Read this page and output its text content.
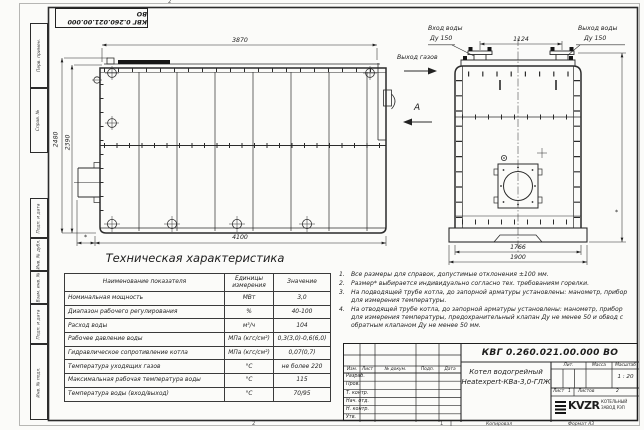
Перв. примен.
Справ. №
Подп. и дата
Инв. № дубл.
Взам. инв. №
Подп. и дата
Инв. № подл.
КВГ 0.260.021.00.000 ВО
2
2	1
3870
2480 2390
4100
*
1124
Вход воды
Ду 150
Выход воды
Ду 150
1766
1900
*
Выход газов
А
Техническая характеристика
Наименование показателя	Единицы измерения	Значение
Номинальная мощность	МВт	3,0
Диапазон рабочего регулирования	%	40-100
Расход воды	м³/ч	104
Рабочее давление воды	МПа (кгс/см²)	0,3(3,0)-0,6(6,0)
Гидравлическое сопротивление котла	МПа (кгс/см²)	0,07(0,7)
Температура уходящих газов	°С	не более 220
Максимальная рабочая температура воды	°С	115
Температура воды (вход/выход)	°С	70/95
Все размеры для справок, допустимые отклонения ±100 мм.
Размер* выбирается индивидуально согласно тех. требованиям горелки.
На подводящей трубе котла, до запорной арматуры установлены: манометр, прибор для измерения температуры.
На отводящей трубе котла, до запорной арматуры установлены: манометр, прибор для измерения температуры, предохранительный клапан Ду не менее 50 и обвод с обратным клапаном Ду не менее 50 мм.
Изм.	Лист	№ докум.	Подп.	Дата
Разраб.
Пров.
Т. контр.
Нач. отд.
Н. контр.
Утв.
КВГ 0.260.021.00.000 ВО
Котел водогрейный
Heatexpert-КВа-3,0-ГЛЖ
Лит.	Масса	Масштаб
1 : 20
Лист 1 Листов	2
KVZR КОТЕЛЬНЫЙ
ЗАВОД РЭП
Копировал	Формат А3
